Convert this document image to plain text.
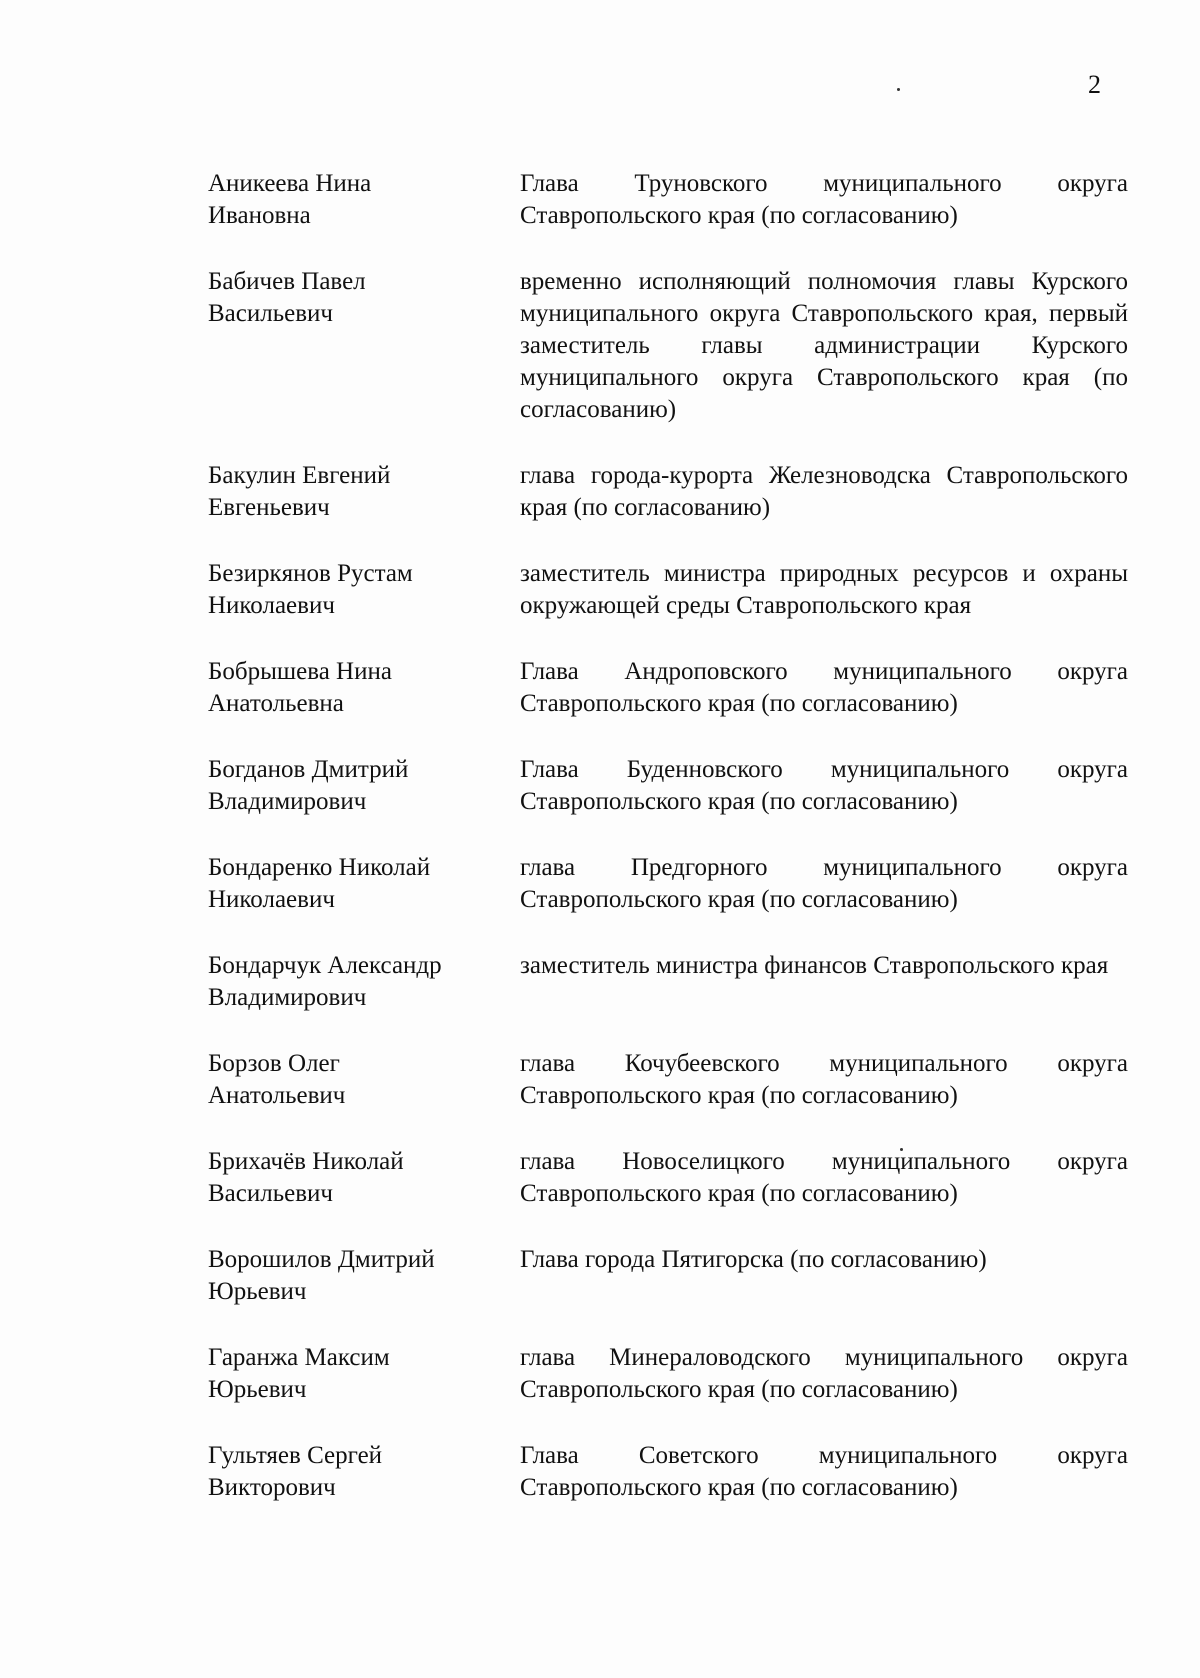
2
Аникеева Нина
Ивановна
Глава Труновского муниципального округа Ставропольского края (по согласованию)
Бабичев Павел
Васильевич
временно исполняющий полномочия главы Курского муниципального округа Ставропольского края, первый заместитель главы администрации Курского муниципального округа Ставропольского края (по согласованию)
Бакулин Евгений
Евгеньевич
глава города-курорта Железноводска Ставропольского края (по согласованию)
Безиркянов Рустам
Николаевич
заместитель министра природных ресурсов и охраны окружающей среды Ставропольского края
Бобрышева Нина
Анатольевна
Глава Андроповского муниципального округа Ставропольского края (по согласованию)
Богданов Дмитрий
Владимирович
Глава Буденновского муниципального округа Ставропольского края (по согласованию)
Бондаренко Николай
Николаевич
глава Предгорного муниципального округа Ставропольского края (по согласованию)
Бондарчук Александр
Владимирович
заместитель министра финансов Ставропольского края
Борзов Олег
Анатольевич
глава Кочубеевского муниципального округа Ставропольского края (по согласованию)
Брихачёв Николай
Васильевич
глава Новоселицкого муниципального округа Ставропольского края (по согласованию)
Ворошилов Дмитрий
Юрьевич
Глава города Пятигорска (по согласованию)
Гаранжа Максим
Юрьевич
глава Минераловодского муниципального округа Ставропольского края (по согласованию)
Гультяев Сергей
Викторович
Глава Советского муниципального округа Ставропольского края (по согласованию)
